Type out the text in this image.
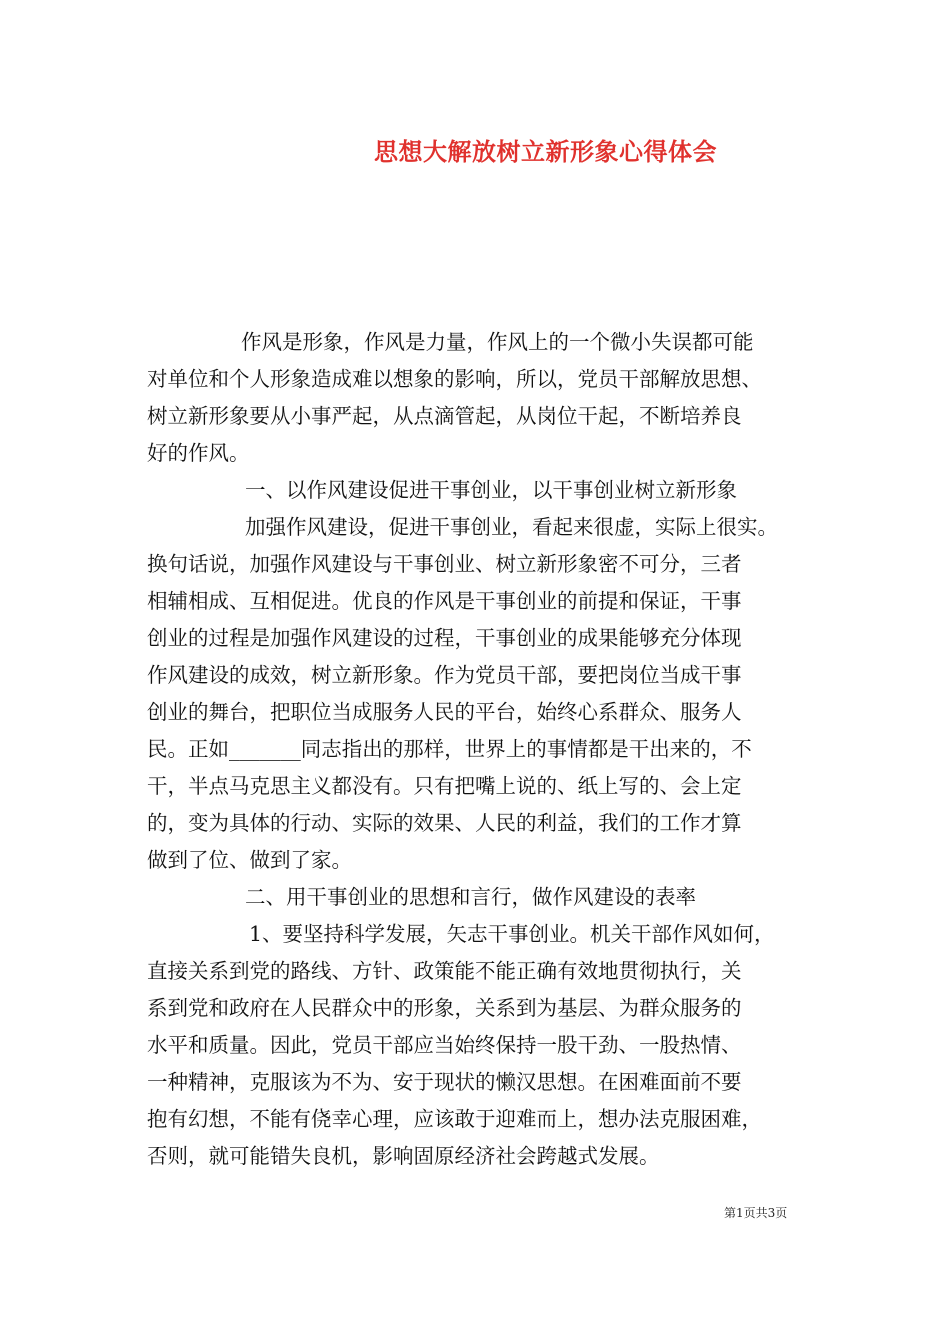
思想大解放树立新形象心得体会
作风是形象，作风是力量，作风上的一个微小失误都可能
对单位和个人形象造成难以想象的影响，所以，党员干部解放思想、
树立新形象要从小事严起，从点滴管起，从岗位干起，不断培养良
好的作风。
一、以作风建设促进干事创业，以干事创业树立新形象
加强作风建设，促进干事创业，看起来很虚，实际上很实。
换句话说，加强作风建设与干事创业、树立新形象密不可分，三者
相辅相成、互相促进。优良的作风是干事创业的前提和保证，干事
创业的过程是加强作风建设的过程，干事创业的成果能够充分体现
作风建设的成效，树立新形象。作为党员干部，要把岗位当成干事
创业的舞台，把职位当成服务人民的平台，始终心系群众、服务人
民。正如_______同志指出的那样，世界上的事情都是干出来的，不
干，半点马克思主义都没有。只有把嘴上说的、纸上写的、会上定
的，变为具体的行动、实际的效果、人民的利益，我们的工作才算
做到了位、做到了家。
二、用干事创业的思想和言行，做作风建设的表率
1、要坚持科学发展，矢志干事创业。机关干部作风如何，
直接关系到党的路线、方针、政策能不能正确有效地贯彻执行，关
系到党和政府在人民群众中的形象，关系到为基层、为群众服务的
水平和质量。因此，党员干部应当始终保持一股干劲、一股热情、
一种精神，克服该为不为、安于现状的懒汉思想。在困难面前不要
抱有幻想，不能有侥幸心理，应该敢于迎难而上，想办法克服困难，
否则，就可能错失良机，影响固原经济社会跨越式发展。
第1页共3页
